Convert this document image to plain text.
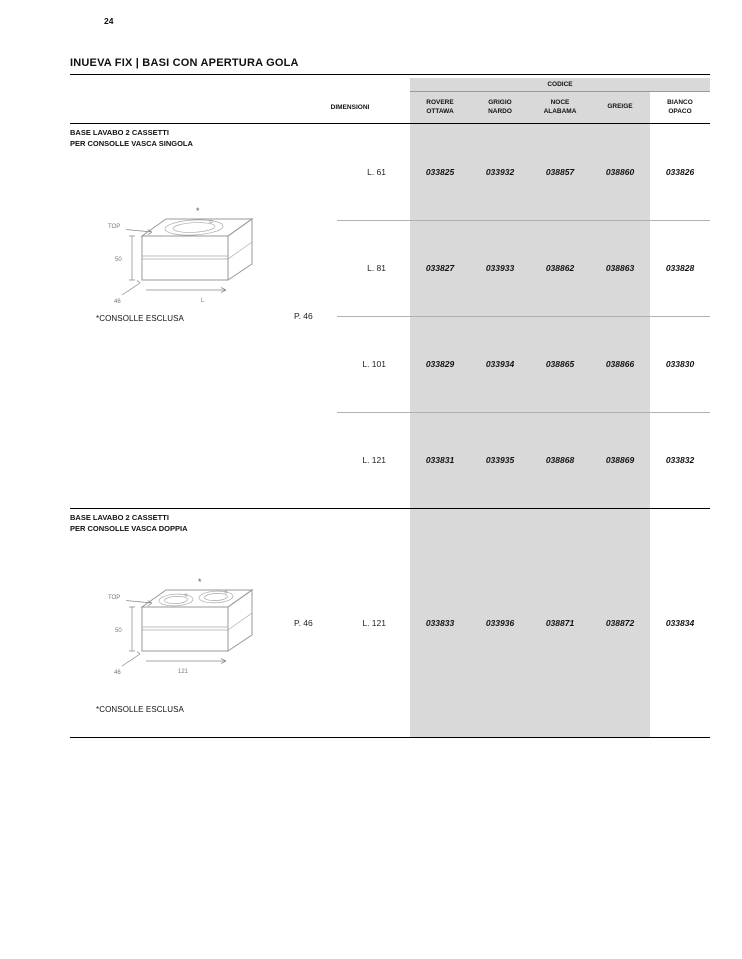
24
INUEVA FIX | BASI CON APERTURA GOLA
CODICE
DIMENSIONI
ROVERE
OTTAWA
GRIGIO
NARDO
NOCE
ALABAMA
GREIGE
BIANCO
OPACO
BASE LAVABO 2 CASSETTI
PER CONSOLLE VASCA SINGOLA
*
TOP
50
46	L
*CONSOLLE ESCLUSA	P. 46
L. 61	033825	033932	038857	038860	033826
L. 81	033827	033933	038862	038863	033828
L. 101	033829	033934	038865	038866	033830
L. 121	033831	033935	038868	038869	033832
BASE LAVABO 2 CASSETTI
PER CONSOLLE VASCA DOPPIA
*
TOP
50
46	121
*CONSOLLE ESCLUSA
P. 46	L. 121	033833	033936	038871	038872	033834
